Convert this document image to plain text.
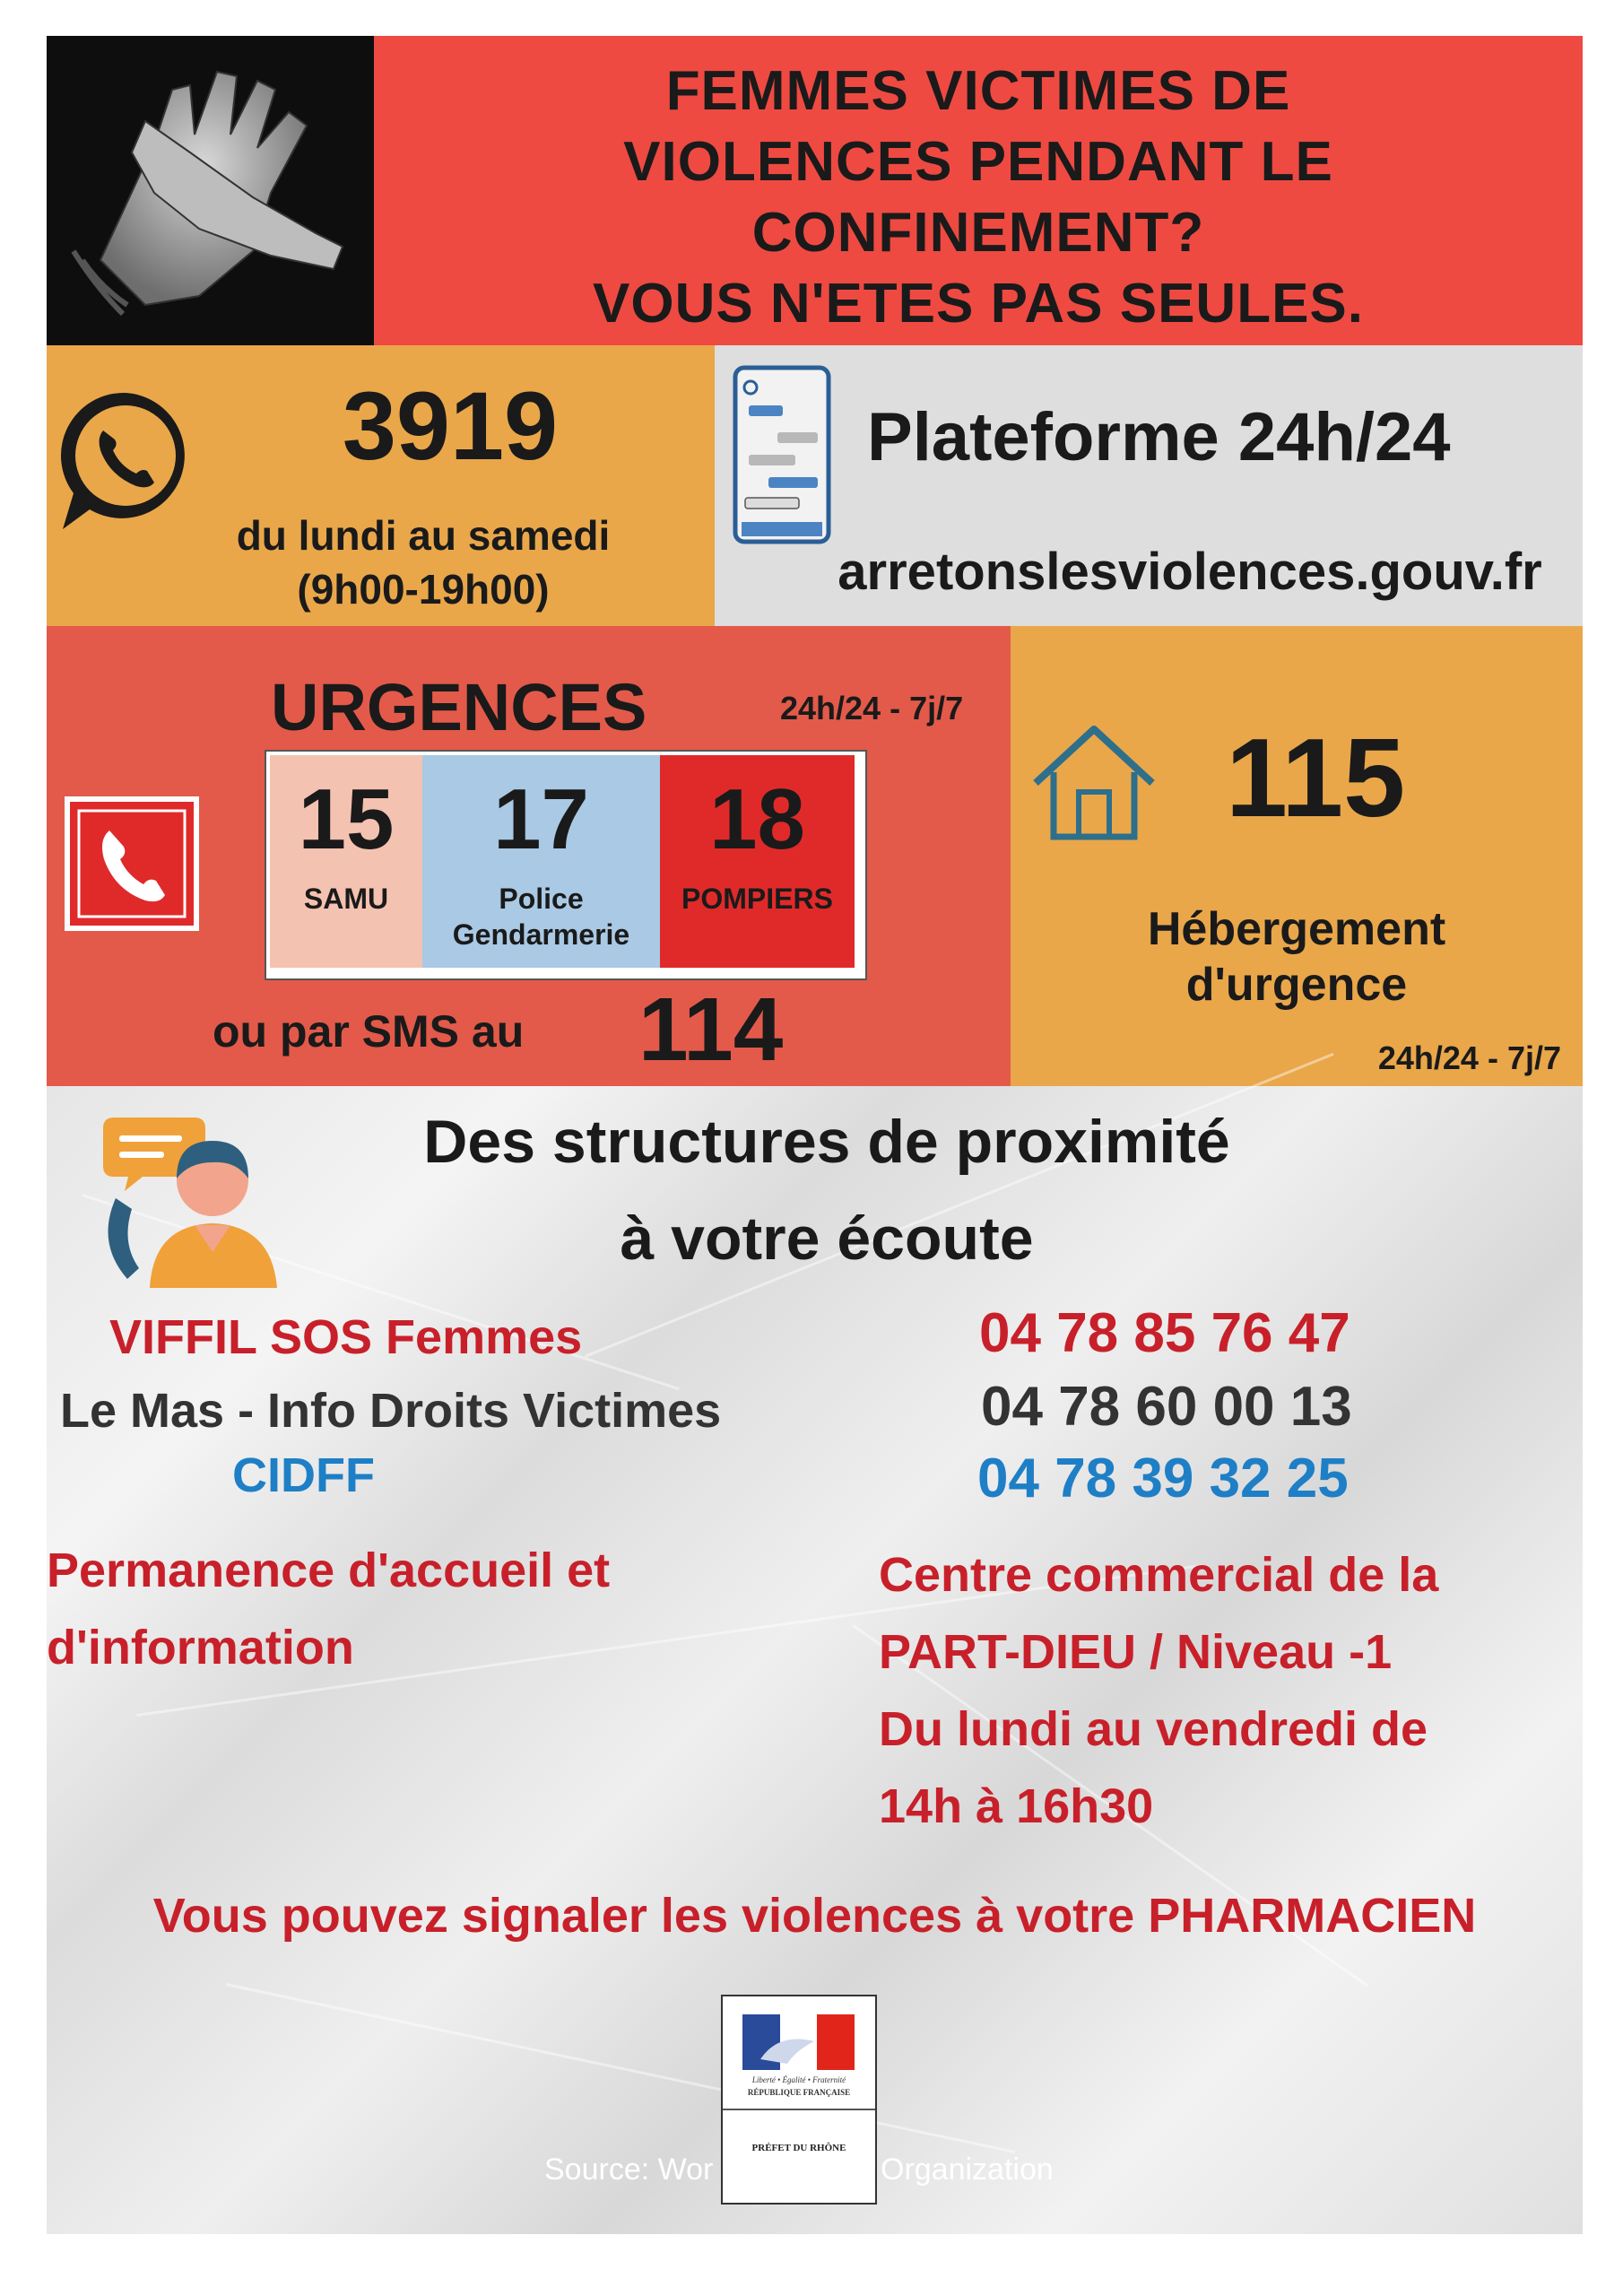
FEMMES VICTIMES DE
VIOLENCES PENDANT LE
CONFINEMENT?
VOUS N'ETES PAS SEULES.
3919
du lundi au samedi
(9h00-19h00)
Plateforme 24h/24
arretonslesviolences.gouv.fr
URGENCES	24h/24 - 7j/7
15
SAMU
17
Police
Gendarmerie
18
POMPIERS
ou par SMS au 114
115
Hébergement
d'urgence
24h/24 - 7j/7
Des structures de proximité
à votre écoute
VIFFIL SOS Femmes	04 78 85 76 47
Le Mas - Info Droits Victimes	04 78 60 00 13
CIDFF	04 78 39 32 25
Permanence d'accueil et
d'information
Centre commercial de la
PART-DIEU / Niveau -1
Du lundi au vendredi de
14h à 16h30
Vous pouvez signaler les violences à votre PHARMACIEN
Liberté • Égalité • Fraternité
RÉPUBLIQUE FRANÇAISE
PRÉFET DU RHÔNE
Source: Wor	Organization
